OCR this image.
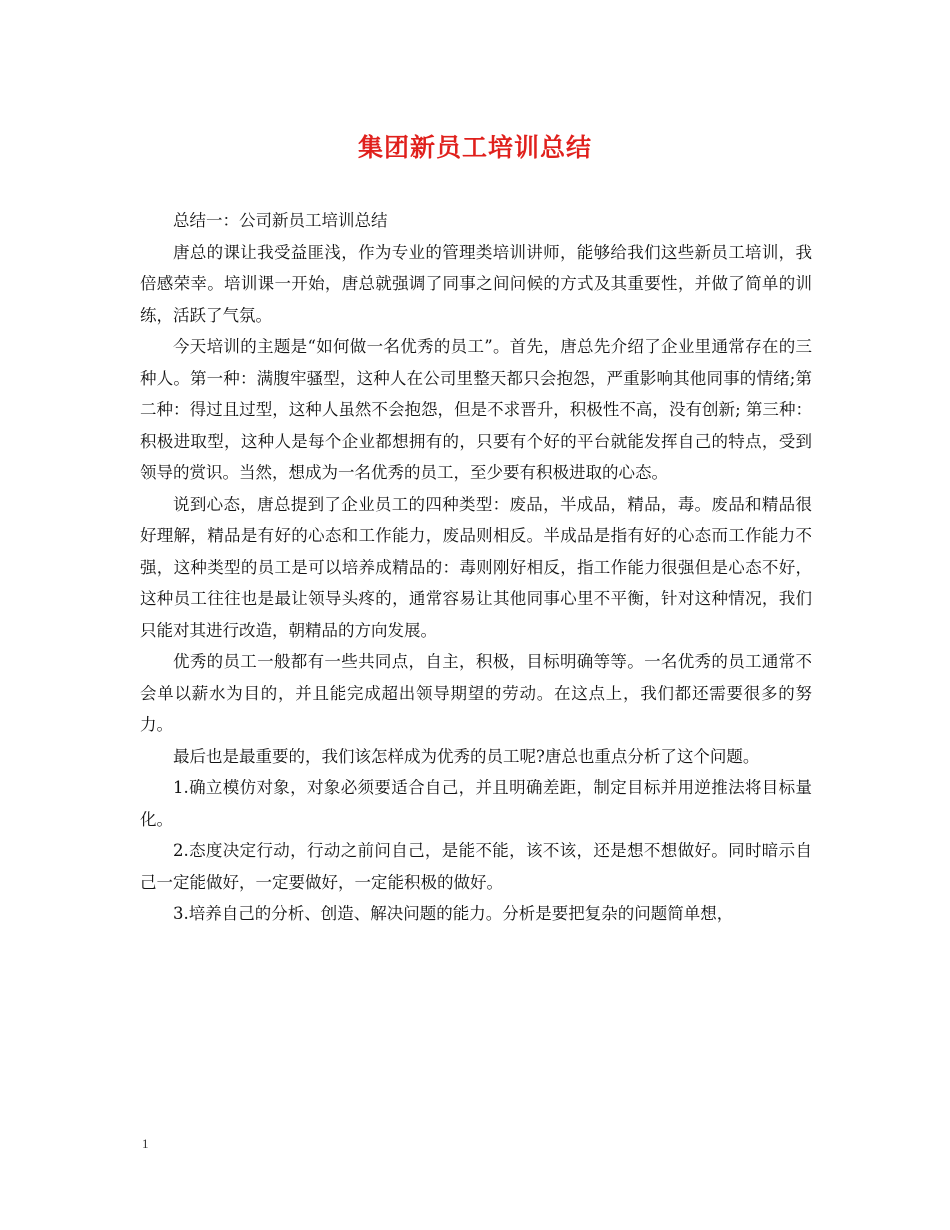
集团新员工培训总结

总结一：公司新员工培训总结

唐总的课让我受益匪浅，作为专业的管理类培训讲师，能够给我们这些新员工培训，我倍感荣幸。培训课一开始，唐总就强调了同事之间问候的方式及其重要性，并做了简单的训练，活跃了气氛。

今天培训的主题是“如何做一名优秀的员工”。首先，唐总先介绍了企业里通常存在的三种人。第一种：满腹牢骚型，这种人在公司里整天都只会抱怨，严重影响其他同事的情绪;第二种：得过且过型，这种人虽然不会抱怨，但是不求晋升，积极性不高，没有创新; 第三种：积极进取型，这种人是每个企业都想拥有的，只要有个好的平台就能发挥自己的特点，受到领导的赏识。当然，想成为一名优秀的员工，至少要有积极进取的心态。

说到心态，唐总提到了企业员工的四种类型：废品，半成品，精品，毒。废品和精品很好理解，精品是有好的心态和工作能力，废品则相反。半成品是指有好的心态而工作能力不强，这种类型的员工是可以培养成精品的：毒则刚好相反，指工作能力很强但是心态不好，这种员工往往也是最让领导头疼的，通常容易让其他同事心里不平衡，针对这种情况，我们只能对其进行改造，朝精品的方向发展。

优秀的员工一般都有一些共同点，自主，积极，目标明确等等。一名优秀的员工通常不会单以薪水为目的，并且能完成超出领导期望的劳动。在这点上，我们都还需要很多的努力。

最后也是最重要的，我们该怎样成为优秀的员工呢?唐总也重点分析了这个问题。

1.确立模仿对象，对象必须要适合自己，并且明确差距，制定目标并用逆推法将目标量化。

2.态度决定行动，行动之前问自己，是能不能，该不该，还是想不想做好。同时暗示自己一定能做好，一定要做好，一定能积极的做好。

3.培养自己的分析、创造、解决问题的能力。分析是要把复杂的问题简单想，

1
